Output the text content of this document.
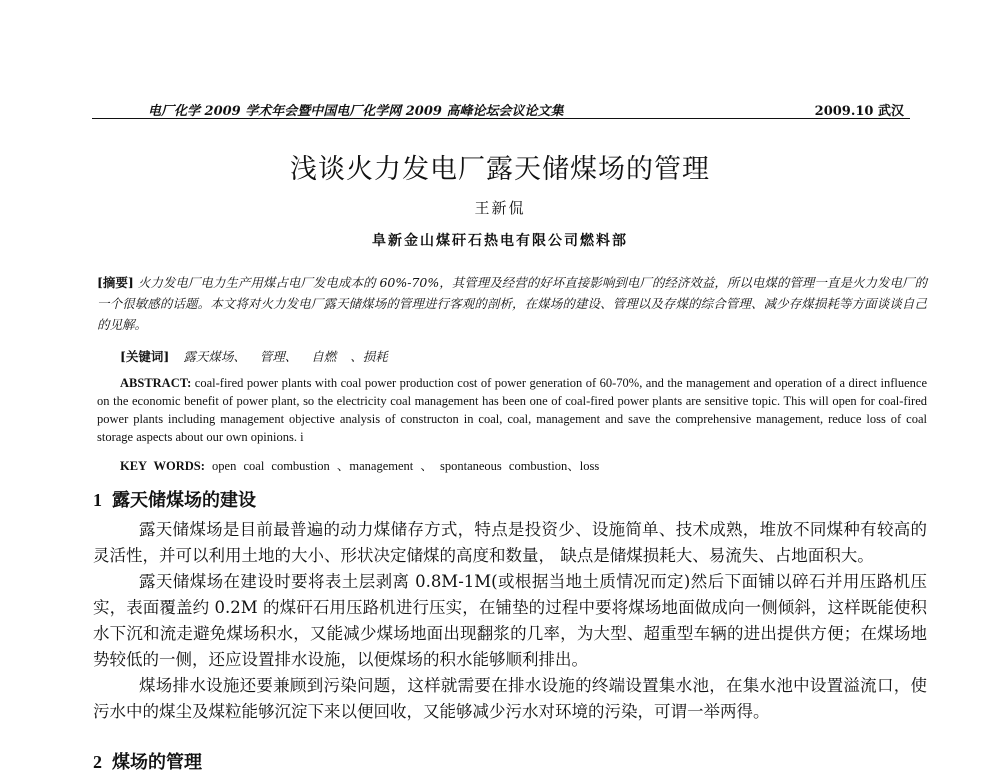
电厂化学 2009 学术年会暨中国电厂化学网 2009 高峰论坛会议论文集	2009.10 武汉
浅谈火力发电厂露天储煤场的管理
王新侃
阜新金山煤矸石热电有限公司燃料部
[摘要] 火力发电厂电力生产用煤占电厂发电成本的 60%-70%，其管理及经营的好坏直接影响到电厂的经济效益，所以电煤的管理一直是火力发电厂的一个很敏感的话题。本文将对火力发电厂露天储煤场的管理进行客观的剖析，在煤场的建设、管理以及存煤的综合管理、减少存煤损耗等方面谈谈自己的见解。
[关键词] 露天煤场、 管理、 自燃 、损耗
ABSTRACT: coal-fired power plants with coal power production cost of power generation of 60-70%, and the management and operation of a direct influence on the economic benefit of power plant, so the electricity coal management has been one of coal-fired power plants are sensitive topic. This will open for coal-fired power plants including management objective analysis of constructon in coal, coal, management and save the comprehensive management, reduce loss of coal storage aspects about our own opinions. i
KEY WORDS: open coal combustion 、management 、 spontaneous combustion、loss
1 露天储煤场的建设

露天储煤场是目前最普遍的动力煤储存方式，特点是投资少、设施简单、技术成熟，堆放不同煤种有较高的灵活性，并可以利用土地的大小、形状决定储煤的高度和数量， 缺点是储煤损耗大、易流失、占地面积大。

露天储煤场在建设时要将表土层剥离 0.8M-1M(或根据当地土质情况而定)然后下面铺以碎石并用压路机压实，表面覆盖约 0.2M 的煤矸石用压路机进行压实，在铺垫的过程中要将煤场地面做成向一侧倾斜，这样既能使积水下沉和流走避免煤场积水，又能减少煤场地面出现翻浆的几率，为大型、超重型车辆的进出提供方便；在煤场地势较低的一侧，还应设置排水设施，以便煤场的积水能够顺利排出。

煤场排水设施还要兼顾到污染问题，这样就需要在排水设施的终端设置集水池，在集水池中设置溢流口，使污水中的煤尘及煤粒能够沉淀下来以便回收，又能够减少污水对环境的污染，可谓一举两得。

2 煤场的管理
